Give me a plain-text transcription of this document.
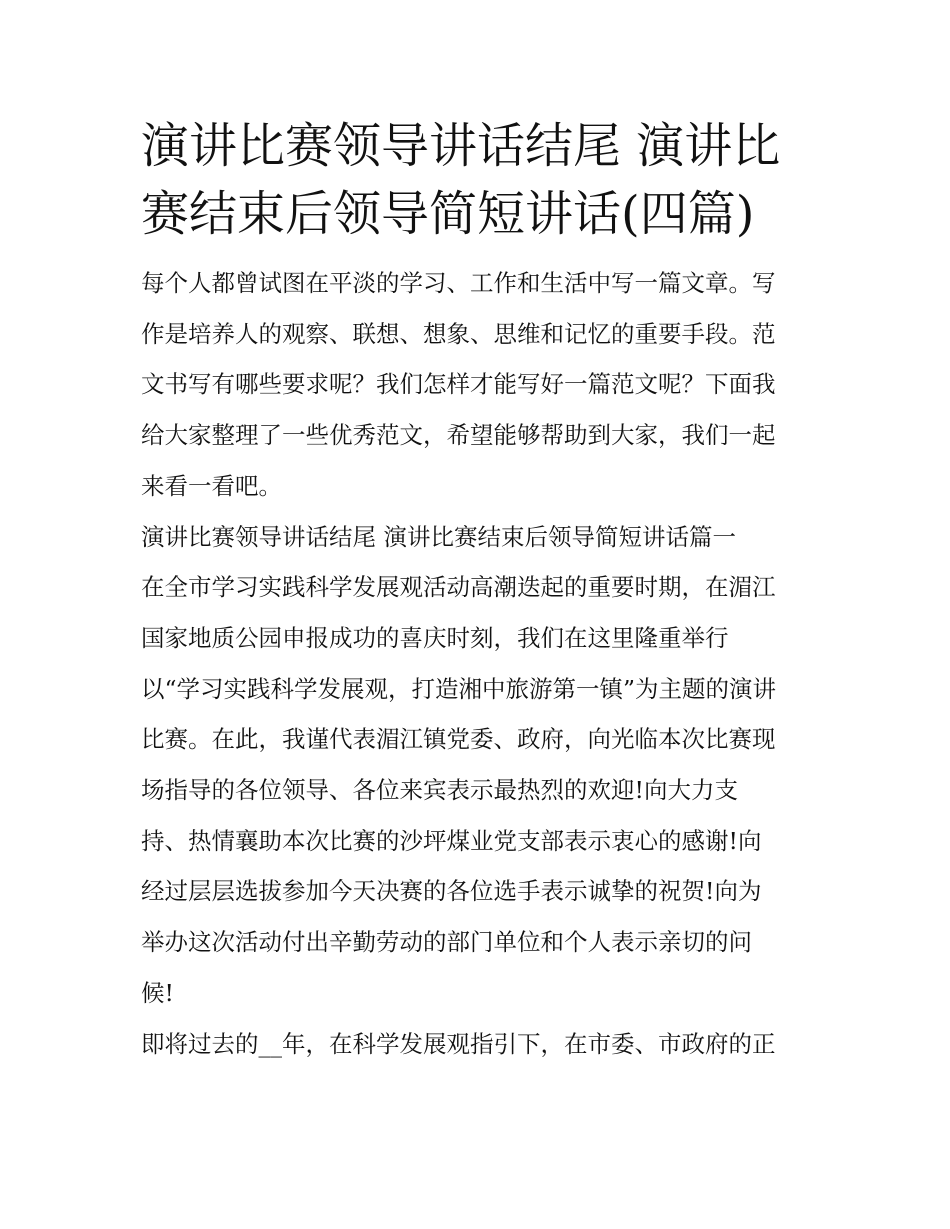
演讲比赛领导讲话结尾 演讲比
赛结束后领导简短讲话(四篇)
每个人都曾试图在平淡的学习、工作和生活中写一篇文章。写
作是培养人的观察、联想、想象、思维和记忆的重要手段。范
文书写有哪些要求呢？我们怎样才能写好一篇范文呢？下面我
给大家整理了一些优秀范文，希望能够帮助到大家，我们一起
来看一看吧。
演讲比赛领导讲话结尾 演讲比赛结束后领导简短讲话篇一
在全市学习实践科学发展观活动高潮迭起的重要时期，在湄江
国家地质公园申报成功的喜庆时刻，我们在这里隆重举行
以“学习实践科学发展观，打造湘中旅游第一镇”为主题的演讲
比赛。在此，我谨代表湄江镇党委、政府，向光临本次比赛现
场指导的各位领导、各位来宾表示最热烈的欢迎!向大力支
持、热情襄助本次比赛的沙坪煤业党支部表示衷心的感谢!向
经过层层选拔参加今天决赛的各位选手表示诚挚的祝贺!向为
举办这次活动付出辛勤劳动的部门单位和个人表示亲切的问
候!
即将过去的__年，在科学发展观指引下，在市委、市政府的正
